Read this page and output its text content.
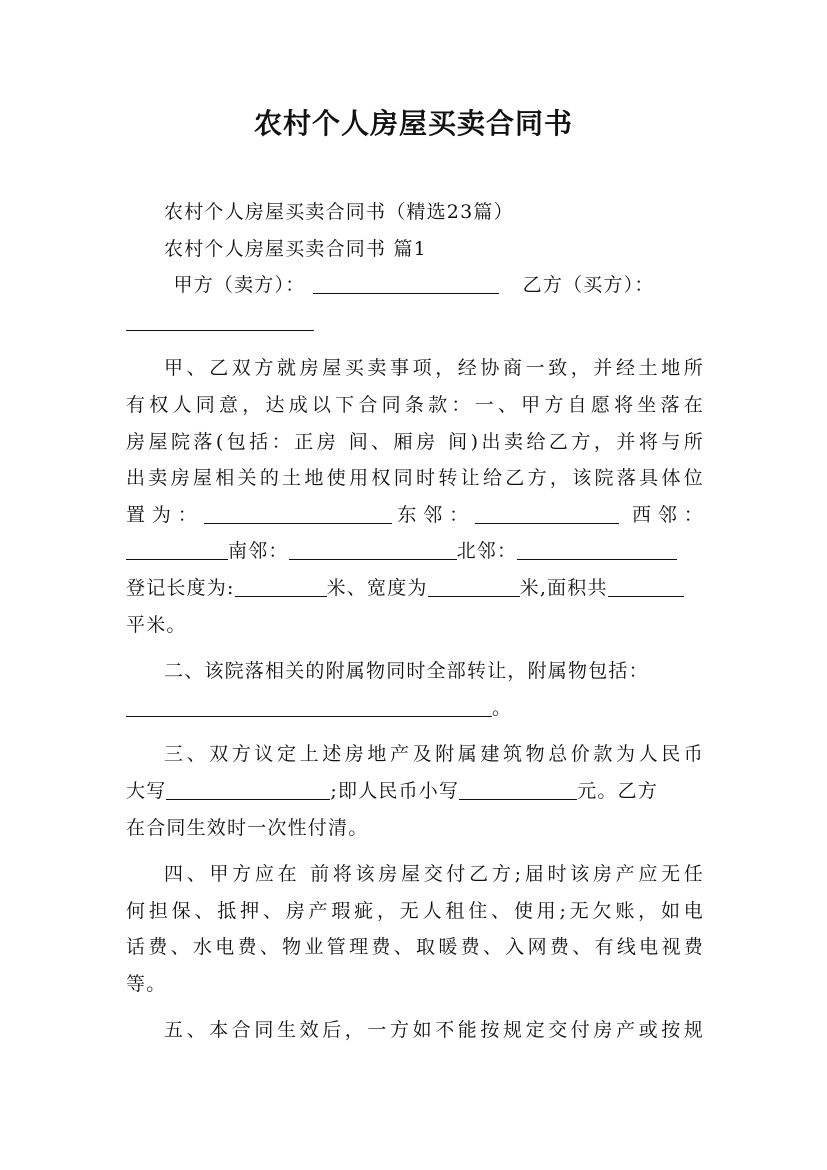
农村个人房屋买卖合同书

农村个人房屋买卖合同书（精选23篇）

农村个人房屋买卖合同书 篇1

甲方（卖方）：	乙方（买方）：

甲、乙双方就房屋买卖事项，经协商一致，并经土地所

有权人同意，达成以下合同条款：一、甲方自愿将坐落在

房屋院落(包括：正房 间、厢房 间)出卖给乙方，并将与所

出卖房屋相关的土地使用权同时转让给乙方，该院落具体位

置为：	东邻：	西邻：

南邻：	北邻：

登记长度为:	米、宽度为	米,面积共

平米。

二、该院落相关的附属物同时全部转让，附属物包括：

。

三、双方议定上述房地产及附属建筑物总价款为人民币

大写	;即人民币小写	元。乙方

在合同生效时一次性付清。

四、甲方应在 前将该房屋交付乙方;届时该房产应无任

何担保、抵押、房产瑕疵，无人租住、使用;无欠账，如电

话费、水电费、物业管理费、取暖费、入网费、有线电视费

等。

五、本合同生效后，一方如不能按规定交付房产或按规
